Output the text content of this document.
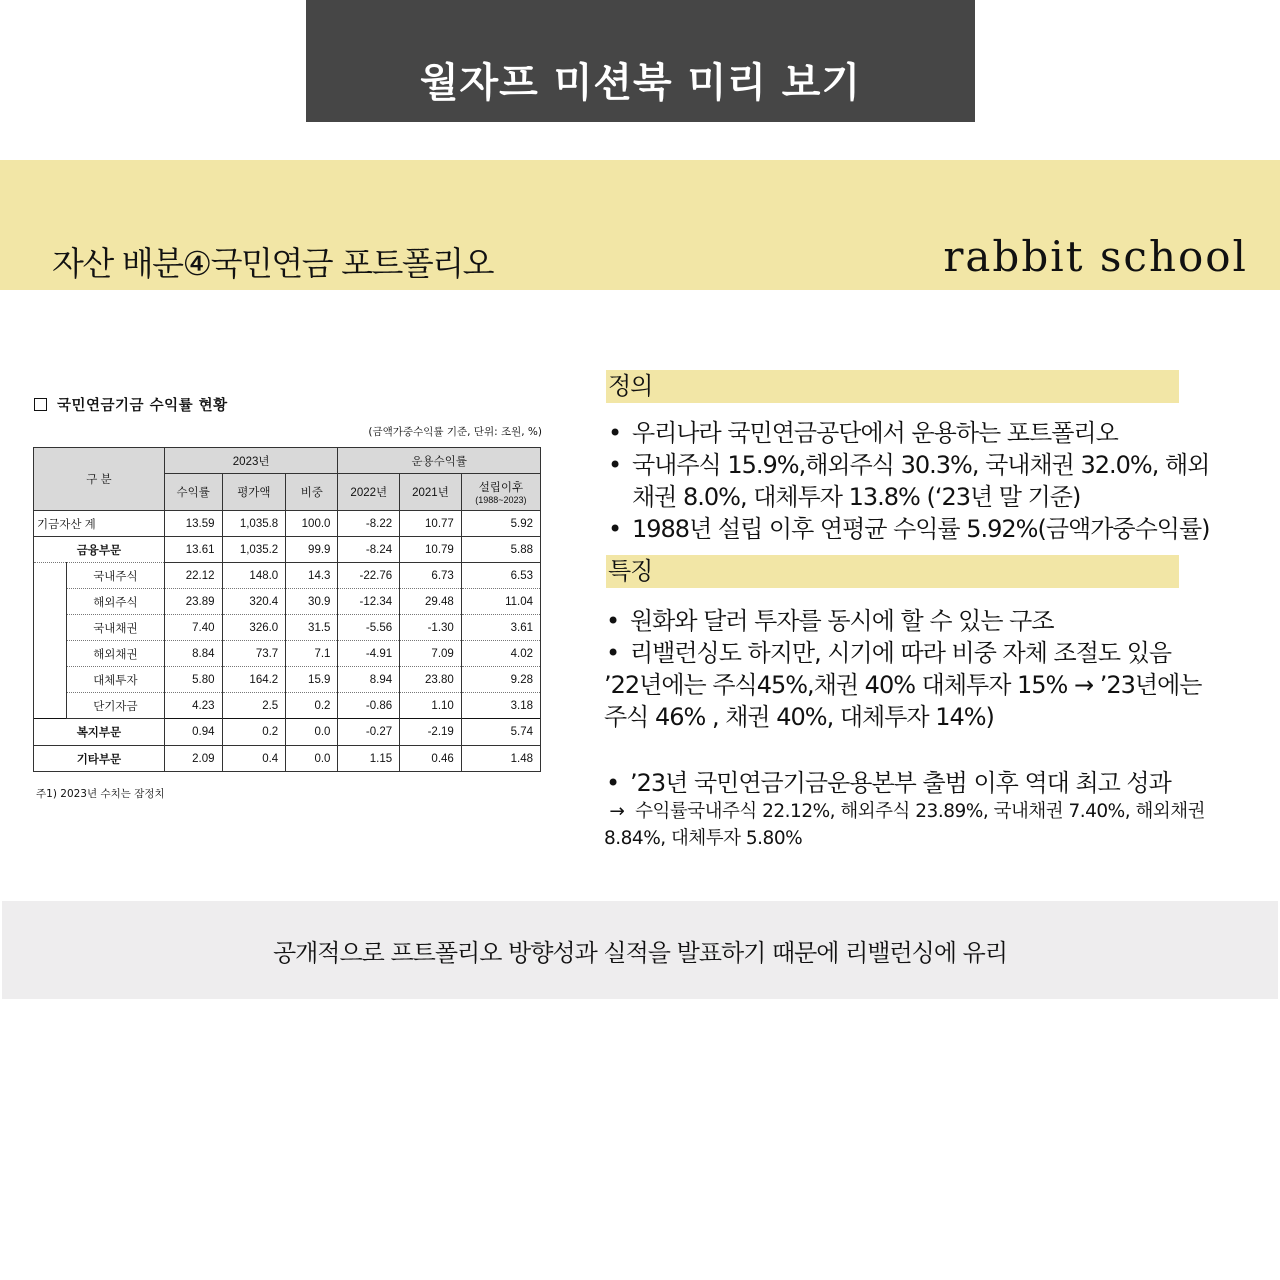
월자프 미션북 미리 보기
자산 배분④국민연금 포트폴리오	rabbit school
국민연금기금 수익률 현황
(금액가중수익률 기준, 단위: 조원, %)
구 분		2023년			운용수익률		
		수익률	평가액	비중	2022년	2021년	설립이후
(1988~2023)

기금자산 계		13.59	1,035.8	100.0	-8.22	10.77	5.92
금융부문		13.61	1,035.2	99.9	-8.24	10.79	5.88
	국내주식	22.12	148.0	14.3	-22.76	6.73	6.53
	해외주식	23.89	320.4	30.9	-12.34	29.48	11.04
	국내채권	7.40	326.0	31.5	-5.56	-1.30	3.61
	해외채권	8.84	73.7	7.1	-4.91	7.09	4.02
	대체투자	5.80	164.2	15.9	8.94	23.80	9.28
	단기자금	4.23	2.5	0.2	-0.86	1.10	3.18
복지부문		0.94	0.2	0.0	-0.27	-2.19	5.74
기타부문		2.09	0.4	0.0	1.15	0.46	1.48
주1) 2023년 수치는 잠정치
정의
• 우리나라 국민연금공단에서 운용하는 포트폴리오
• 국내주식 15.9%,해외주식 30.3%, 국내채권 32.0%, 해외
채권 8.0%, 대체투자 13.8% (‘23년 말 기준)
• 1988년 설립 이후 연평균 수익률 5.92%(금액가중수익률)
특징
• 원화와 달러 투자를 동시에 할 수 있는 구조
• 리밸런싱도 하지만, 시기에 따라 비중 자체 조절도 있음
’22년에는 주식45%,채권 40% 대체투자 15% → ’23년에는
주식 46% , 채권 40%, 대체투자 14%)
• ’23년 국민연금기금운용본부 출범 이후 역대 최고 성과
→  수익률국내주식 22.12%, 해외주식 23.89%, 국내채권 7.40%, 해외채권
8.84%, 대체투자 5.80%
공개적으로 프트폴리오 방향성과 실적을 발표하기 때문에 리밸런싱에 유리
